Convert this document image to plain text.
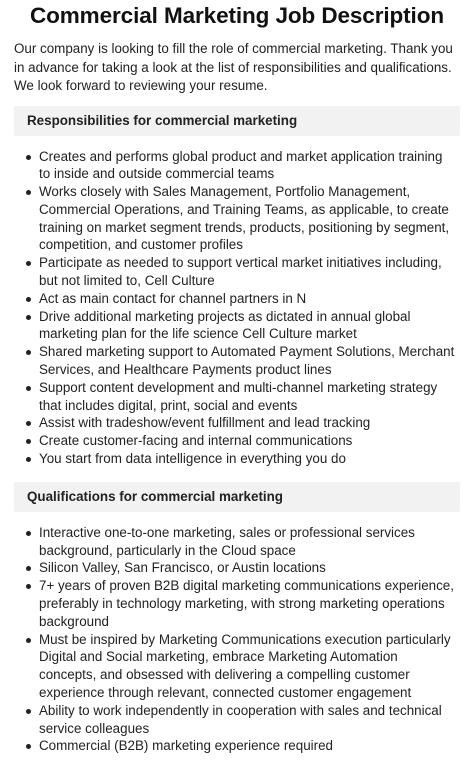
Commercial Marketing Job Description

Our company is looking to fill the role of commercial marketing. Thank you in advance for taking a look at the list of responsibilities and qualifications. We look forward to reviewing your resume.

Responsibilities for commercial marketing
Creates and performs global product and market application training to inside and outside commercial teams
Works closely with Sales Management, Portfolio Management, Commercial Operations, and Training Teams, as applicable, to create training on market segment trends, products, positioning by segment, competition, and customer profiles
Participate as needed to support vertical market initiatives including, but not limited to, Cell Culture
Act as main contact for channel partners in N
Drive additional marketing projects as dictated in annual global marketing plan for the life science Cell Culture market
Shared marketing support to Automated Payment Solutions, Merchant Services, and Healthcare Payments product lines
Support content development and multi-channel marketing strategy that includes digital, print, social and events
Assist with tradeshow/event fulfillment and lead tracking
Create customer-facing and internal communications
You start from data intelligence in everything you do
Qualifications for commercial marketing
Interactive one-to-one marketing, sales or professional services background, particularly in the Cloud space
Silicon Valley, San Francisco, or Austin locations
7+ years of proven B2B digital marketing communications experience, preferably in technology marketing, with strong marketing operations background
Must be inspired by Marketing Communications execution particularly Digital and Social marketing, embrace Marketing Automation concepts, and obsessed with delivering a compelling customer experience through relevant, connected customer engagement
Ability to work independently in cooperation with sales and technical service colleagues
Commercial (B2B) marketing experience required
